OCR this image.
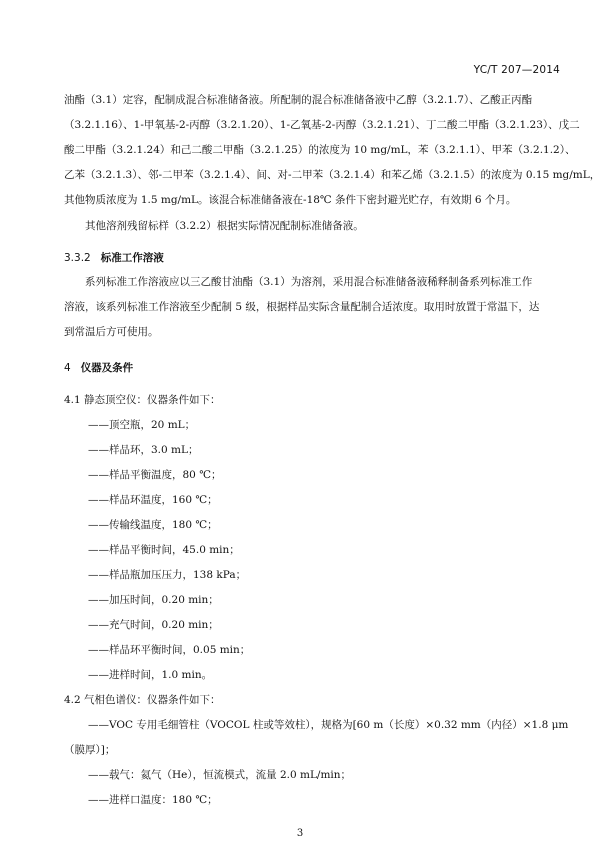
YC/T 207—2014
油酯（3.1）定容，配制成混合标准储备液。所配制的混合标准储备液中乙醇（3.2.1.7）、乙酸正丙酯
（3.2.1.16）、1-甲氧基-2-丙醇（3.2.1.20）、1-乙氧基-2-丙醇（3.2.1.21）、丁二酸二甲酯（3.2.1.23）、戊二
酸二甲酯（3.2.1.24）和己二酸二甲酯（3.2.1.25）的浓度为 10 mg/mL，苯（3.2.1.1）、甲苯（3.2.1.2）、
乙苯（3.2.1.3）、邻-二甲苯（3.2.1.4）、间、对-二甲苯（3.2.1.4）和苯乙烯（3.2.1.5）的浓度为 0.15 mg/mL，
其他物质浓度为 1.5 mg/mL。该混合标准储备液在-18℃ 条件下密封避光贮存，有效期 6 个月。
其他溶剂残留标样（3.2.2）根据实际情况配制标准储备液。
3.3.2 标准工作溶液
系列标准工作溶液应以三乙酸甘油酯（3.1）为溶剂，采用混合标准储备液稀释制备系列标准工作
溶液，该系列标准工作溶液至少配制 5 级，根据样品实际含量配制合适浓度。取用时放置于常温下，达
到常温后方可使用。
4 仪器及条件
4.1 静态顶空仪：仪器条件如下：
——顶空瓶，20 mL；
——样品环，3.0 mL；
——样品平衡温度，80 ℃；
——样品环温度，160 ℃；
——传输线温度，180 ℃；
——样品平衡时间，45.0 min；
——样品瓶加压压力，138 kPa；
——加压时间，0.20 min；
——充气时间，0.20 min；
——样品环平衡时间，0.05 min；
——进样时间，1.0 min。
4.2 气相色谱仪：仪器条件如下：
——VOC 专用毛细管柱（VOCOL 柱或等效柱），规格为[60 m（长度）×0.32 mm（内径）×1.8 μm
（膜厚）]；
——载气：氦气（He），恒流模式，流量 2.0 mL/min；
——进样口温度：180 ℃；
3
